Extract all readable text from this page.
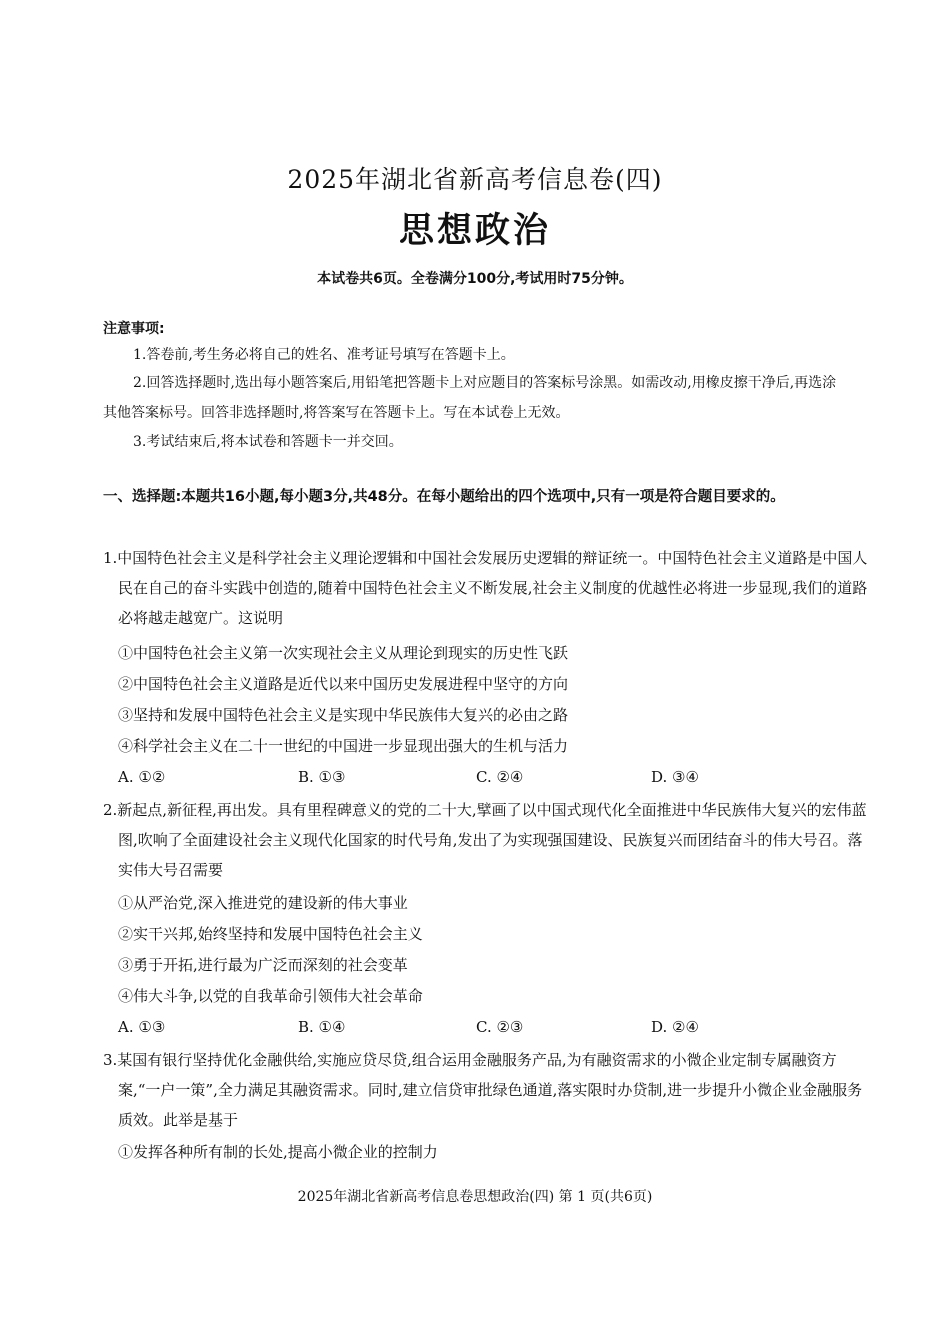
2025年湖北省新高考信息卷(四)
思想政治
本试卷共6页。全卷满分100分,考试用时75分钟。
注意事项:
1.答卷前,考生务必将自己的姓名、准考证号填写在答题卡上。
2.回答选择题时,选出每小题答案后,用铅笔把答题卡上对应题目的答案标号涂黑。如需改动,用橡皮擦干净后,再选涂其他答案标号。回答非选择题时,将答案写在答题卡上。写在本试卷上无效。
3.考试结束后,将本试卷和答题卡一并交回。
一、选择题:本题共16小题,每小题3分,共48分。在每小题给出的四个选项中,只有一项是符合题目要求的。
1.中国特色社会主义是科学社会主义理论逻辑和中国社会发展历史逻辑的辩证统一。中国特色社会主义道路是中国人民在自己的奋斗实践中创造的,随着中国特色社会主义不断发展,社会主义制度的优越性必将进一步显现,我们的道路必将越走越宽广。这说明
①中国特色社会主义第一次实现社会主义从理论到现实的历史性飞跃
②中国特色社会主义道路是近代以来中国历史发展进程中坚守的方向
③坚持和发展中国特色社会主义是实现中华民族伟大复兴的必由之路
④科学社会主义在二十一世纪的中国进一步显现出强大的生机与活力
A. ①②	B. ①③	C. ②④	D. ③④
2.新起点,新征程,再出发。具有里程碑意义的党的二十大,擘画了以中国式现代化全面推进中华民族伟大复兴的宏伟蓝图,吹响了全面建设社会主义现代化国家的时代号角,发出了为实现强国建设、民族复兴而团结奋斗的伟大号召。落实伟大号召需要
①从严治党,深入推进党的建设新的伟大事业
②实干兴邦,始终坚持和发展中国特色社会主义
③勇于开拓,进行最为广泛而深刻的社会变革
④伟大斗争,以党的自我革命引领伟大社会革命
A. ①③	B. ①④	C. ②③	D. ②④
3.某国有银行坚持优化金融供给,实施应贷尽贷,组合运用金融服务产品,为有融资需求的小微企业定制专属融资方案,“一户一策”,全力满足其融资需求。同时,建立信贷审批绿色通道,落实限时办贷制,进一步提升小微企业金融服务质效。此举是基于
①发挥各种所有制的长处,提高小微企业的控制力
2025年湖北省新高考信息卷思想政治(四) 第 1 页(共6页)
